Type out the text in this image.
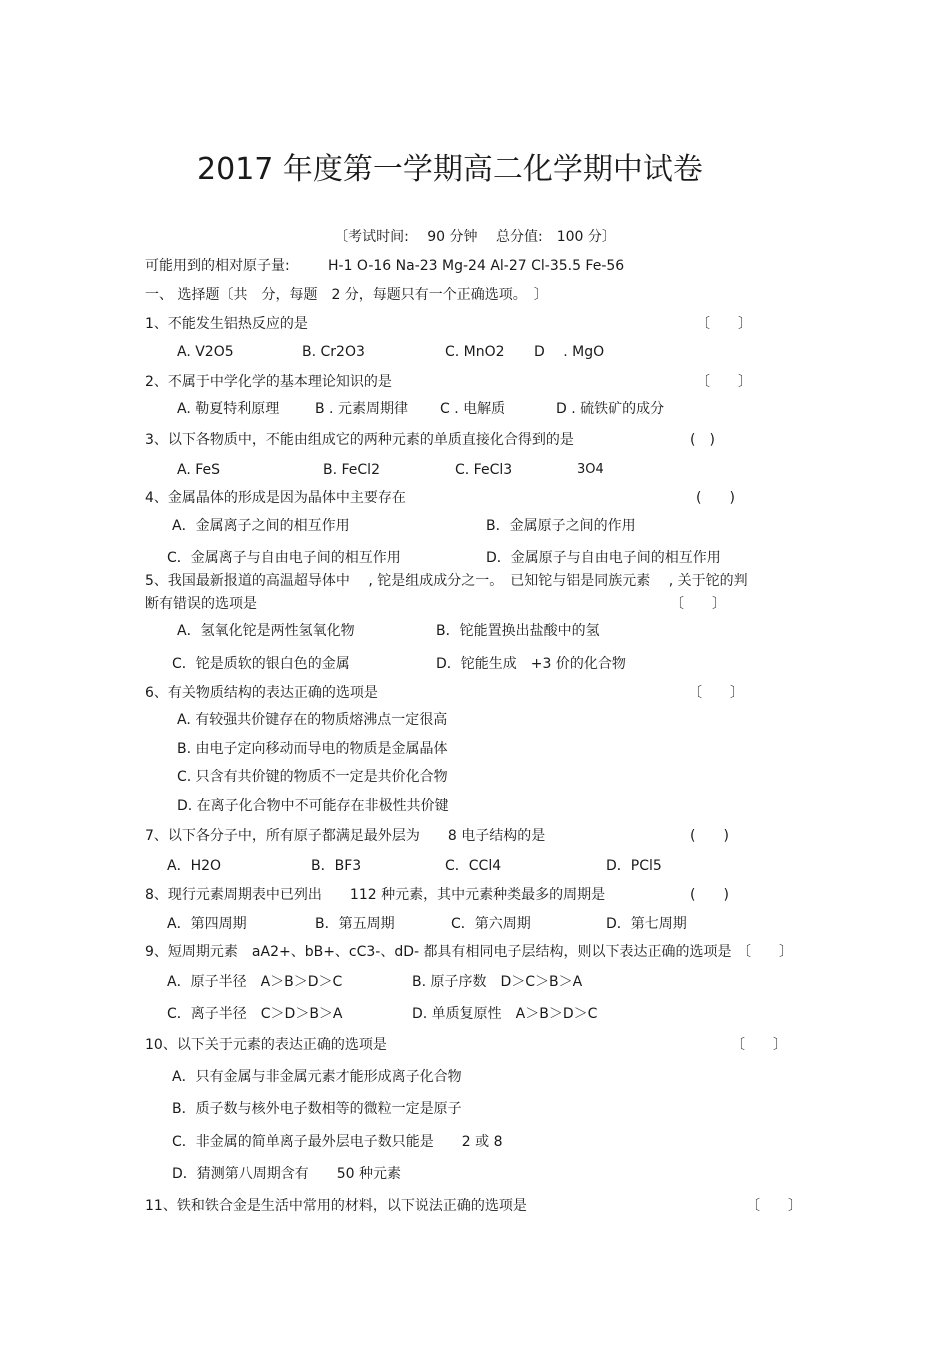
2017 年度第一学期高二化学期中试卷
〔考试时间:　 90 分钟　 总分值:　100 分〕
可能用到的相对原子量:	H-1 O-16 Na-23 Mg-24 Al-27 Cl-35.5 Fe-56
一、 选择题〔共　分，每题　2 分，每题只有一个正确选项。　〕
1、不能发生铝热反应的是	〔　　〕
A. V2O5	B. Cr2O3	C. MnO2 D 　. MgO
2、不属于中学化学的基本理论知识的是	〔　　〕
A. 勒夏特利原理	B . 元素周期律 C . 电解质	D . 硫铁矿的成分
3、以下各物质中，不能由组成它的两种元素的单质直接化合得到的是	(　)
A. FeS	B. FeCl2	C. FeCl3	3O4
4、金属晶体的形成是因为晶体中主要存在	(　　)
A．金属离子之间的相互作用	B．金属原子之间的作用
C．金属离子与自由电子间的相互作用	D．金属原子与自由电子间的相互作用
5、我国最新报道的高温超导体中　 , 铊是组成成分之一。　已知铊与铝是同族元素　 , 关于铊的判
断有错误的选项是	〔　　〕
A．氢氧化铊是两性氢氧化物	B．铊能置换出盐酸中的氢
C．铊是质软的银白色的金属	D．铊能生成　+3 价的化合物
6、有关物质结构的表达正确的选项是	〔　　〕
A. 有较强共价键存在的物质熔沸点一定很高
B. 由电子定向移动而导电的物质是金属晶体
C. 只含有共价键的物质不一定是共价化合物
D. 在离子化合物中不可能存在非极性共价键
7、以下各分子中，所有原子都满足最外层为　　8 电子结构的是	(　　)
A．H2O	B．BF3	C．CCl4	D．PCl5
8、现行元素周期表中已列出　　112 种元素，其中元素种类最多的周期是	(　　)
A．第四周期	B．第五周期	C．第六周期	D．第七周期
9、短周期元素　aA2+、bB+、cC3-、dD- 都具有相同电子层结构，则以下表达正确的选项是 〔　　〕
A．原子半径　A＞B＞D＞C	B. 原子序数　D＞C＞B＞A
C．离子半径　C＞D＞B＞A	D. 单质复原性　A＞B＞D＞C
10、以下关于元素的表达正确的选项是	〔　　〕
A．只有金属与非金属元素才能形成离子化合物
B．质子数与核外电子数相等的微粒一定是原子
C．非金属的简单离子最外层电子数只能是　　2 或 8
D．猜测第八周期含有　　50 种元素
11、铁和铁合金是生活中常用的材料，以下说法正确的选项是	〔　　〕
